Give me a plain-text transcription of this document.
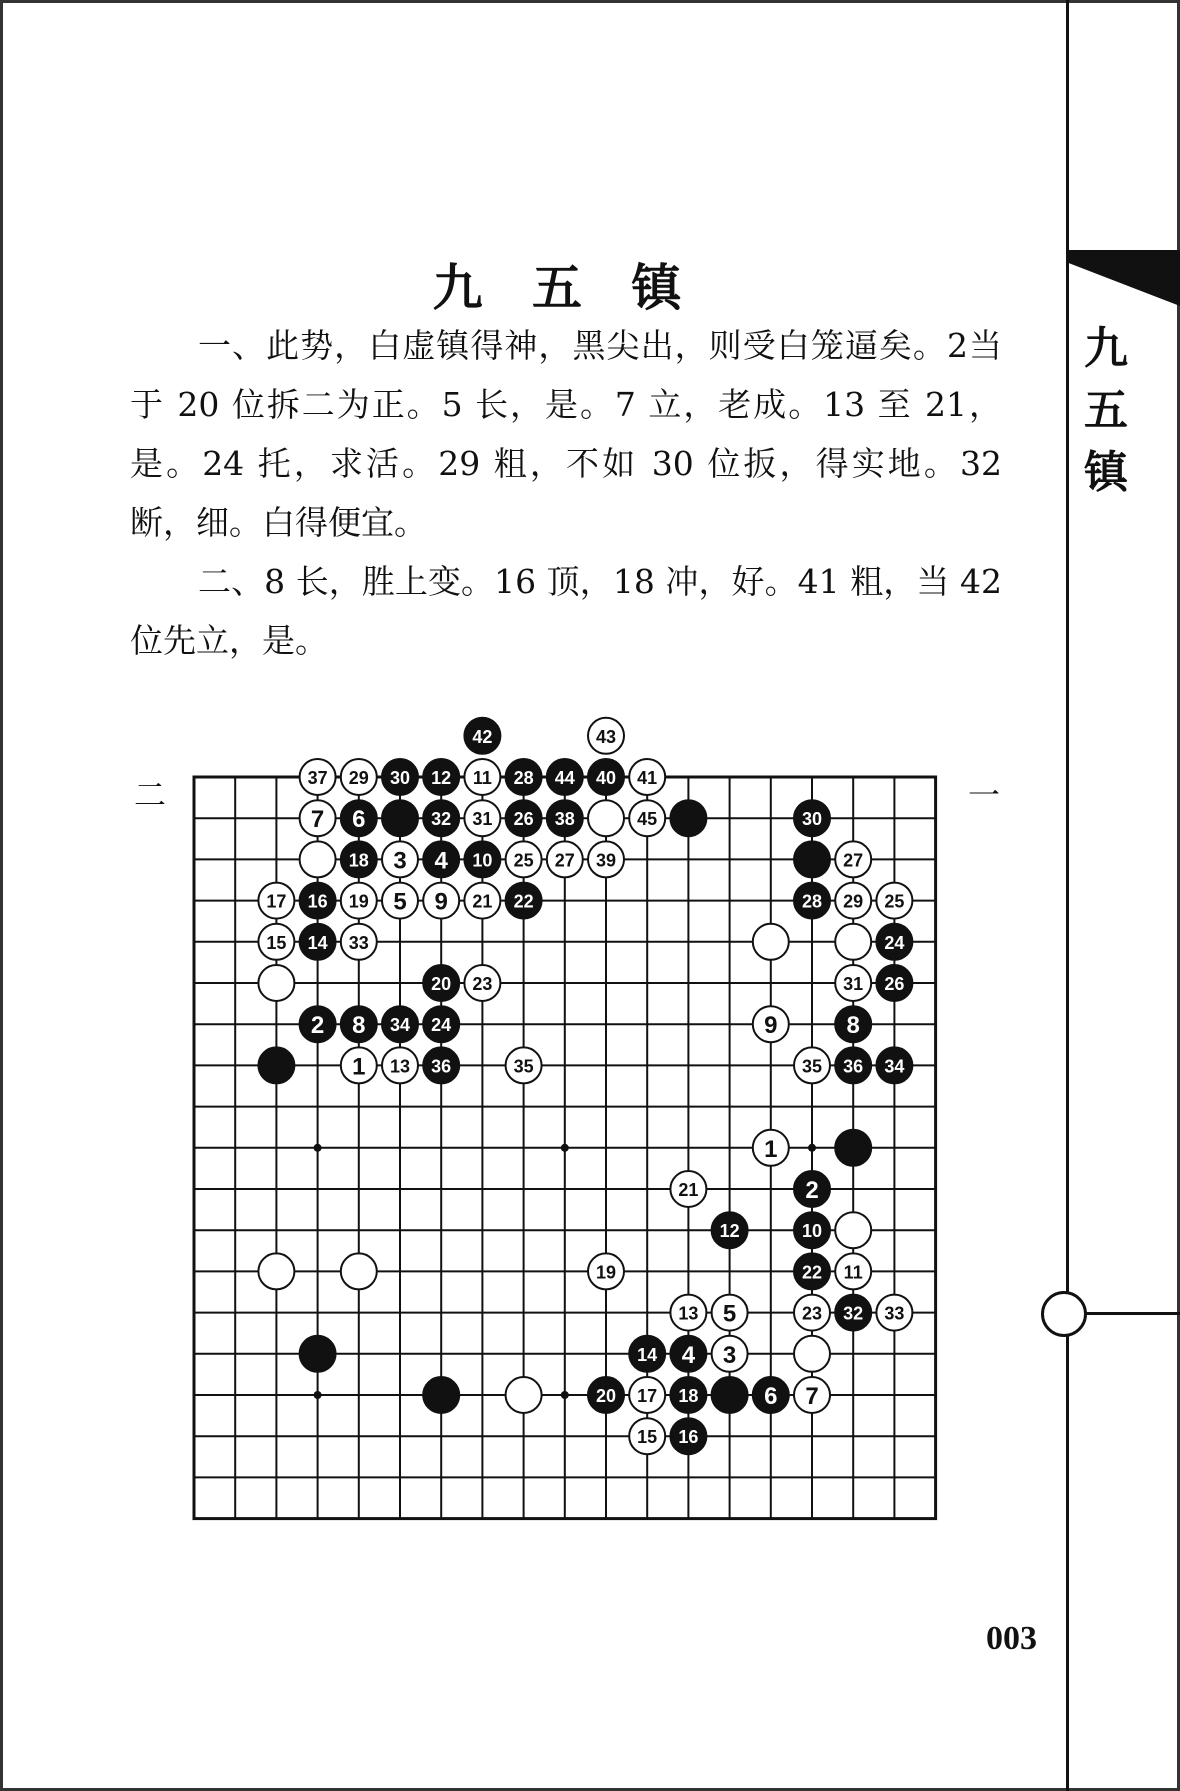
九
五
镇
九 五 镇
一、此势，白虚镇得神，黑尖出，则受白笼逼矣。2当于 20 位拆二为正。5 长，是。7 立，老成。13 至 21，是。24 托，求活。29 粗，不如 30 位扳，得实地。32 断，细。白得便宜。
二、8 长，胜上变。16 顶，18 冲，好。41 粗，当 42 位先立，是。
二	一
42	43
37 29 30 12 11 28 44 40 41
7 6	32 31 26 38	45	30
18 3 4 10 25 27 39	27
17 16 19 5 9 21 22	28 29 25
15 14 33	24
20 23	31 26
2 8 34 24	9	8
1 13 36	35	35 36 34
1
21	2
12	10
19	22 11
13 5	23 32 33
14 4 3
20 17 18	6 7
15 16
003
